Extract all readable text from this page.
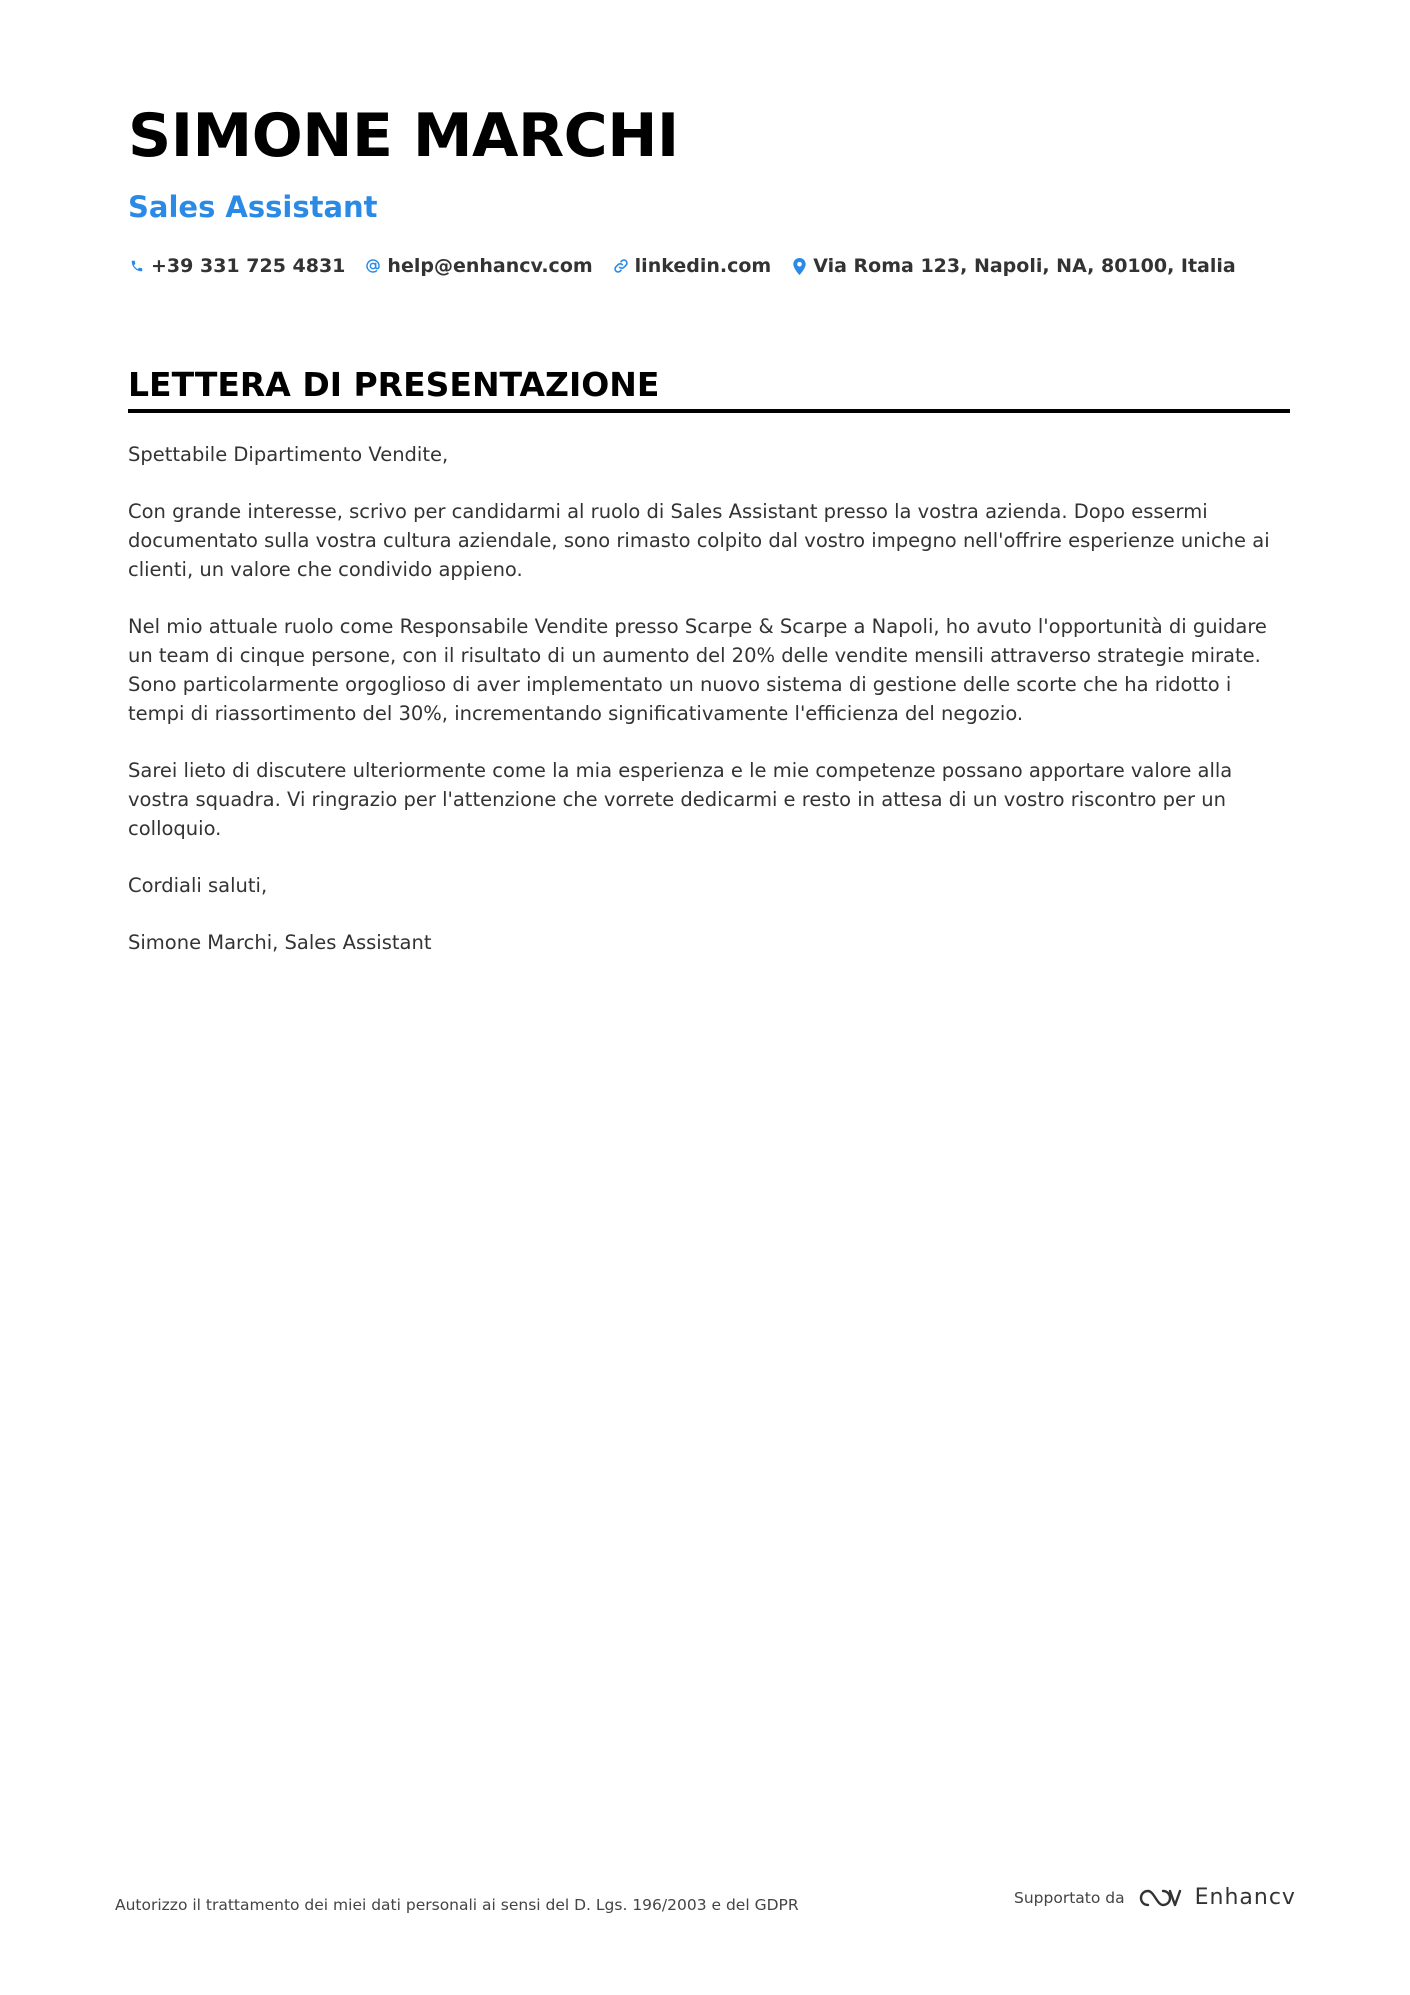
SIMONE MARCHI
Sales Assistant
+39 331 725 4831 help@enhancv.com linkedin.com Via Roma 123, Napoli, NA, 80100, Italia
LETTERA DI PRESENTAZIONE

Spettabile Dipartimento Vendite,

Con grande interesse, scrivo per candidarmi al ruolo di Sales Assistant presso la vostra azienda. Dopo essermi documentato sulla vostra cultura aziendale, sono rimasto colpito dal vostro impegno nell'offrire esperienze uniche ai clienti, un valore che condivido appieno.

Nel mio attuale ruolo come Responsabile Vendite presso Scarpe & Scarpe a Napoli, ho avuto l'opportunità di guidare un team di cinque persone, con il risultato di un aumento del 20% delle vendite mensili attraverso strategie mirate. Sono particolarmente orgoglioso di aver implementato un nuovo sistema di gestione delle scorte che ha ridotto i tempi di riassortimento del 30%, incrementando significativamente l'efficienza del negozio.

Sarei lieto di discutere ulteriormente come la mia esperienza e le mie competenze possano apportare valore alla vostra squadra. Vi ringrazio per l'attenzione che vorrete dedicarmi e resto in attesa di un vostro riscontro per un colloquio.

Cordiali saluti,

Simone Marchi, Sales Assistant

Autorizzo il trattamento dei miei dati personali ai sensi del D. Lgs. 196/2003 e del GDPR	Supportato da	Enhancv
